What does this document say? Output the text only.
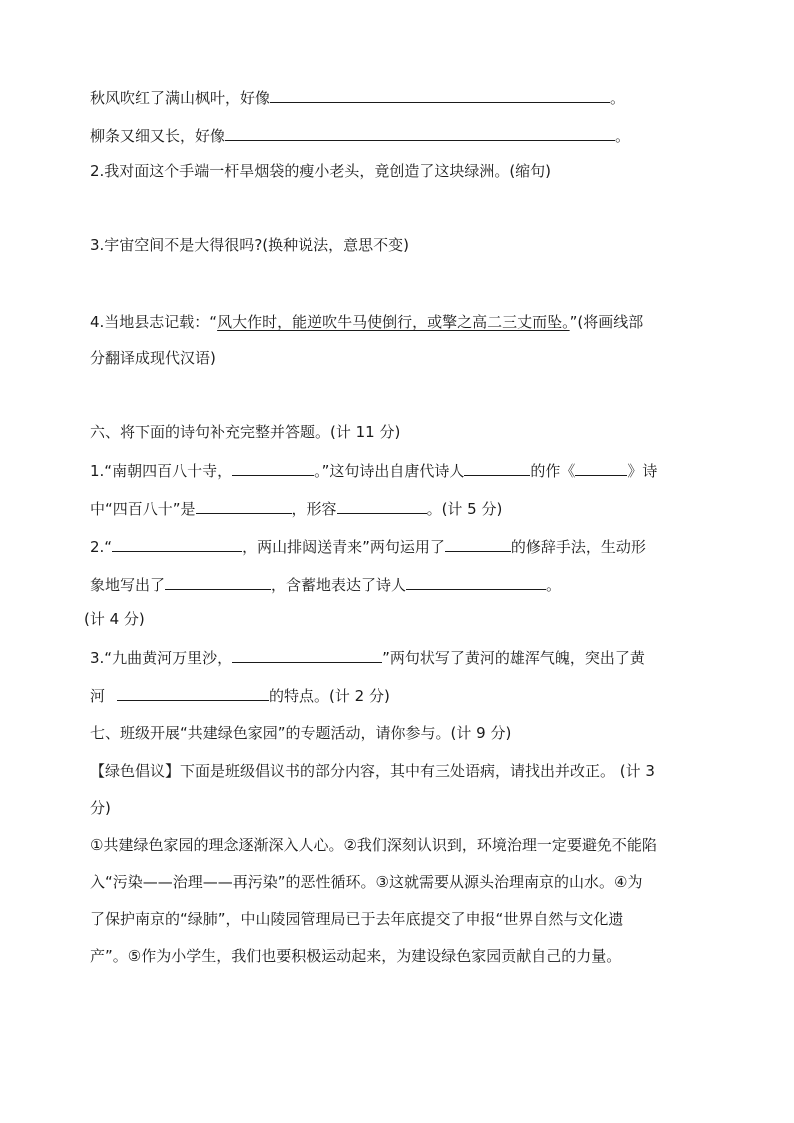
秋风吹红了满山枫叶，好像	。
柳条又细又长，好像	。
2.我对面这个手端一杆旱烟袋的瘦小老头，竟创造了这块绿洲。(缩句)
3.宇宙空间不是大得很吗?(换种说法，意思不变)
4.当地县志记载：“风大作时，能逆吹牛马使倒行，或擎之高二三丈而坠。”(将画线部
分翻译成现代汉语)
六、将下面的诗句补充完整并答题。(计 11 分)
1.“南朝四百八十寺，	。”这句诗出自唐代诗人	的作《	》诗
中“四百八十”是	，形容	。(计 5 分)
2.“	，两山排闼送青来”两句运用了	的修辞手法，生动形
象地写出了	，含蓄地表达了诗人	。
(计 4 分)
3.“九曲黄河万里沙，	”两句状写了黄河的雄浑气魄，突出了黄
河	的特点。(计 2 分)
七、班级开展“共建绿色家园”的专题活动，请你参与。(计 9 分)
【绿色倡议】下面是班级倡议书的部分内容，其中有三处语病，请找出并改正。 (计 3
分)
①共建绿色家园的理念逐渐深入人心。②我们深刻认识到，环境治理一定要避免不能陷
入“污染——治理——再污染”的恶性循环。③这就需要从源头治理南京的山水。④为
了保护南京的“绿肺”，中山陵园管理局已于去年底提交了申报“世界自然与文化遗
产”。⑤作为小学生，我们也要积极运动起来，为建设绿色家园贡献自己的力量。
